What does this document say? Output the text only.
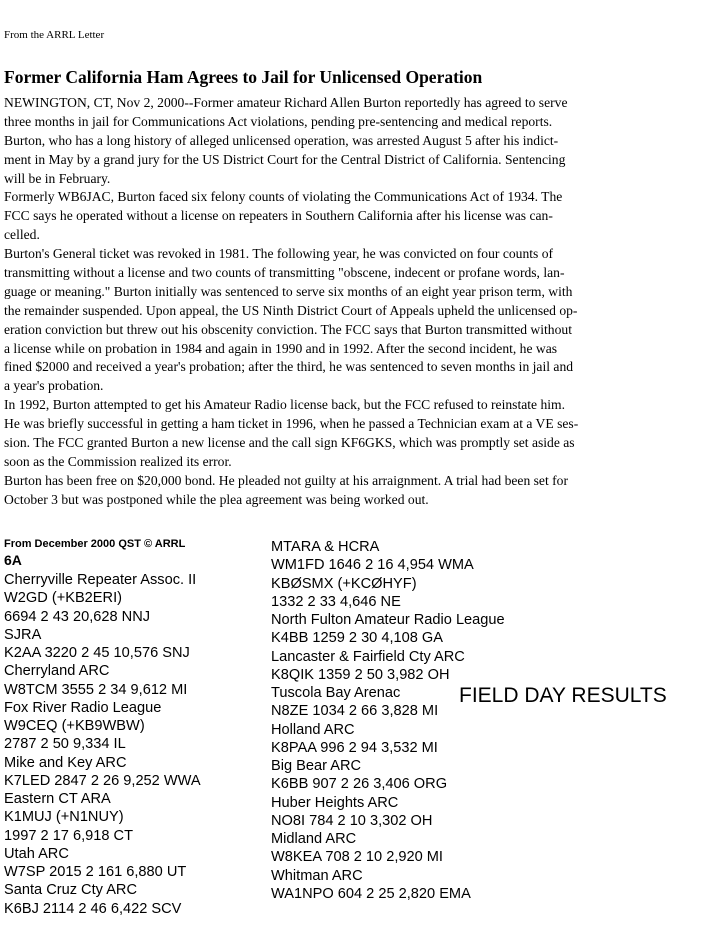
From the ARRL Letter
Former California Ham Agrees to Jail for Unlicensed Operation
NEWINGTON, CT, Nov 2, 2000--Former amateur Richard Allen Burton reportedly has agreed to serve
three months in jail for Communications Act violations, pending pre-sentencing and medical reports.
Burton, who has a long history of alleged unlicensed operation, was arrested August 5 after his indict-
ment in May by a grand jury for the US District Court for the Central District of California. Sentencing
will be in February.
Formerly WB6JAC, Burton faced six felony counts of violating the Communications Act of 1934. The
FCC says he operated without a license on repeaters in Southern California after his license was can-
celled.
Burton's General ticket was revoked in 1981. The following year, he was convicted on four counts of
transmitting without a license and two counts of transmitting "obscene, indecent or profane words, lan-
guage or meaning." Burton initially was sentenced to serve six months of an eight year prison term, with
the remainder suspended. Upon appeal, the US Ninth District Court of Appeals upheld the unlicensed op-
eration conviction but threw out his obscenity conviction. The FCC says that Burton transmitted without
a license while on probation in 1984 and again in 1990 and in 1992. After the second incident, he was
fined $2000 and received a year's probation; after the third, he was sentenced to seven months in jail and
a year's probation.
In 1992, Burton attempted to get his Amateur Radio license back, but the FCC refused to reinstate him.
He was briefly successful in getting a ham ticket in 1996, when he passed a Technician exam at a VE ses-
sion. The FCC granted Burton a new license and the call sign KF6GKS, which was promptly set aside as
soon as the Commission realized its error.
Burton has been free on $20,000 bond. He pleaded not guilty at his arraignment. A trial had been set for
October 3 but was postponed while the plea agreement was being worked out.
From December 2000 QST © ARRL
6A
Cherryville Repeater Assoc. II
W2GD (+KB2ERI)
6694 2 43 20,628 NNJ
SJRA
K2AA 3220 2 45 10,576 SNJ
Cherryland ARC
W8TCM 3555 2 34 9,612 MI
Fox River Radio League
W9CEQ (+KB9WBW)
2787 2 50 9,334 IL
Mike and Key ARC
K7LED 2847 2 26 9,252 WWA
Eastern CT ARA
K1MUJ (+N1NUY)
1997 2 17 6,918 CT
Utah ARC
W7SP 2015 2 161 6,880 UT
Santa Cruz Cty ARC
K6BJ 2114 2 46 6,422 SCV
MTARA & HCRA
WM1FD 1646 2 16 4,954 WMA
KBØSMX (+KCØHYF)
1332 2 33 4,646 NE
North Fulton Amateur Radio League
K4BB 1259 2 30 4,108 GA
Lancaster & Fairfield Cty ARC
K8QIK 1359 2 50 3,982 OH
Tuscola Bay Arenac
N8ZE 1034 2 66 3,828 MI
Holland ARC
K8PAA 996 2 94 3,532 MI
Big Bear ARC
K6BB 907 2 26 3,406 ORG
Huber Heights ARC
NO8I 784 2 10 3,302 OH
Midland ARC
W8KEA 708 2 10 2,920 MI
Whitman ARC
WA1NPO 604 2 25 2,820 EMA
FIELD DAY RESULTS
